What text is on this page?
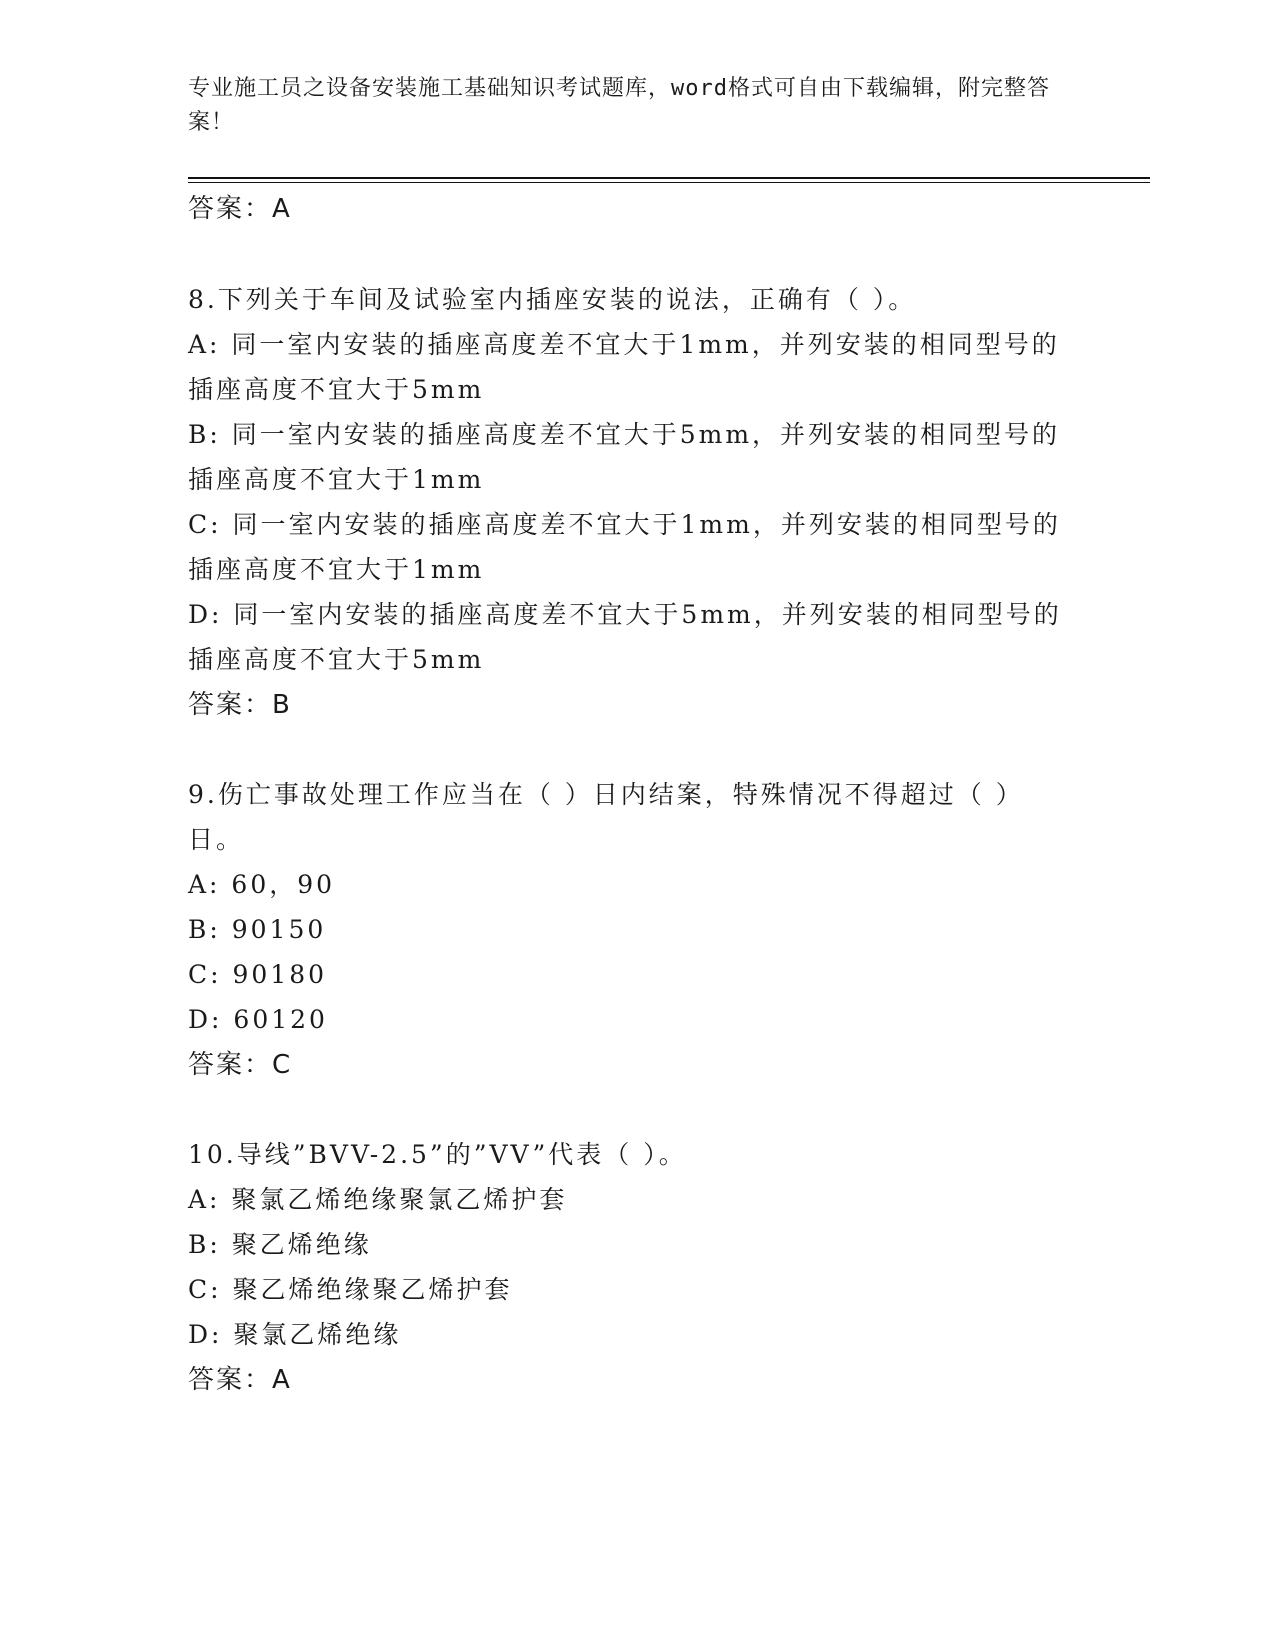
专业施工员之设备安装施工基础知识考试题库，word格式可自由下载编辑，附完整答案！
答案：A
8.下列关于车间及试验室内插座安装的说法，正确有（ ）。
A: 同一室内安装的插座高度差不宜大于1mm，并列安装的相同型号的
插座高度不宜大于5mm
B: 同一室内安装的插座高度差不宜大于5mm，并列安装的相同型号的
插座高度不宜大于1mm
C: 同一室内安装的插座高度差不宜大于1mm，并列安装的相同型号的
插座高度不宜大于1mm
D: 同一室内安装的插座高度差不宜大于5mm，并列安装的相同型号的
插座高度不宜大于5mm
答案：B
9.伤亡事故处理工作应当在（ ）日内结案，特殊情况不得超过（ ）
日。
A: 60，90
B: 90150
C: 90180
D: 60120
答案：C
10.导线”BVV-2.5”的”VV”代表（ ）。
A: 聚氯乙烯绝缘聚氯乙烯护套
B: 聚乙烯绝缘
C: 聚乙烯绝缘聚乙烯护套
D: 聚氯乙烯绝缘
答案：A
